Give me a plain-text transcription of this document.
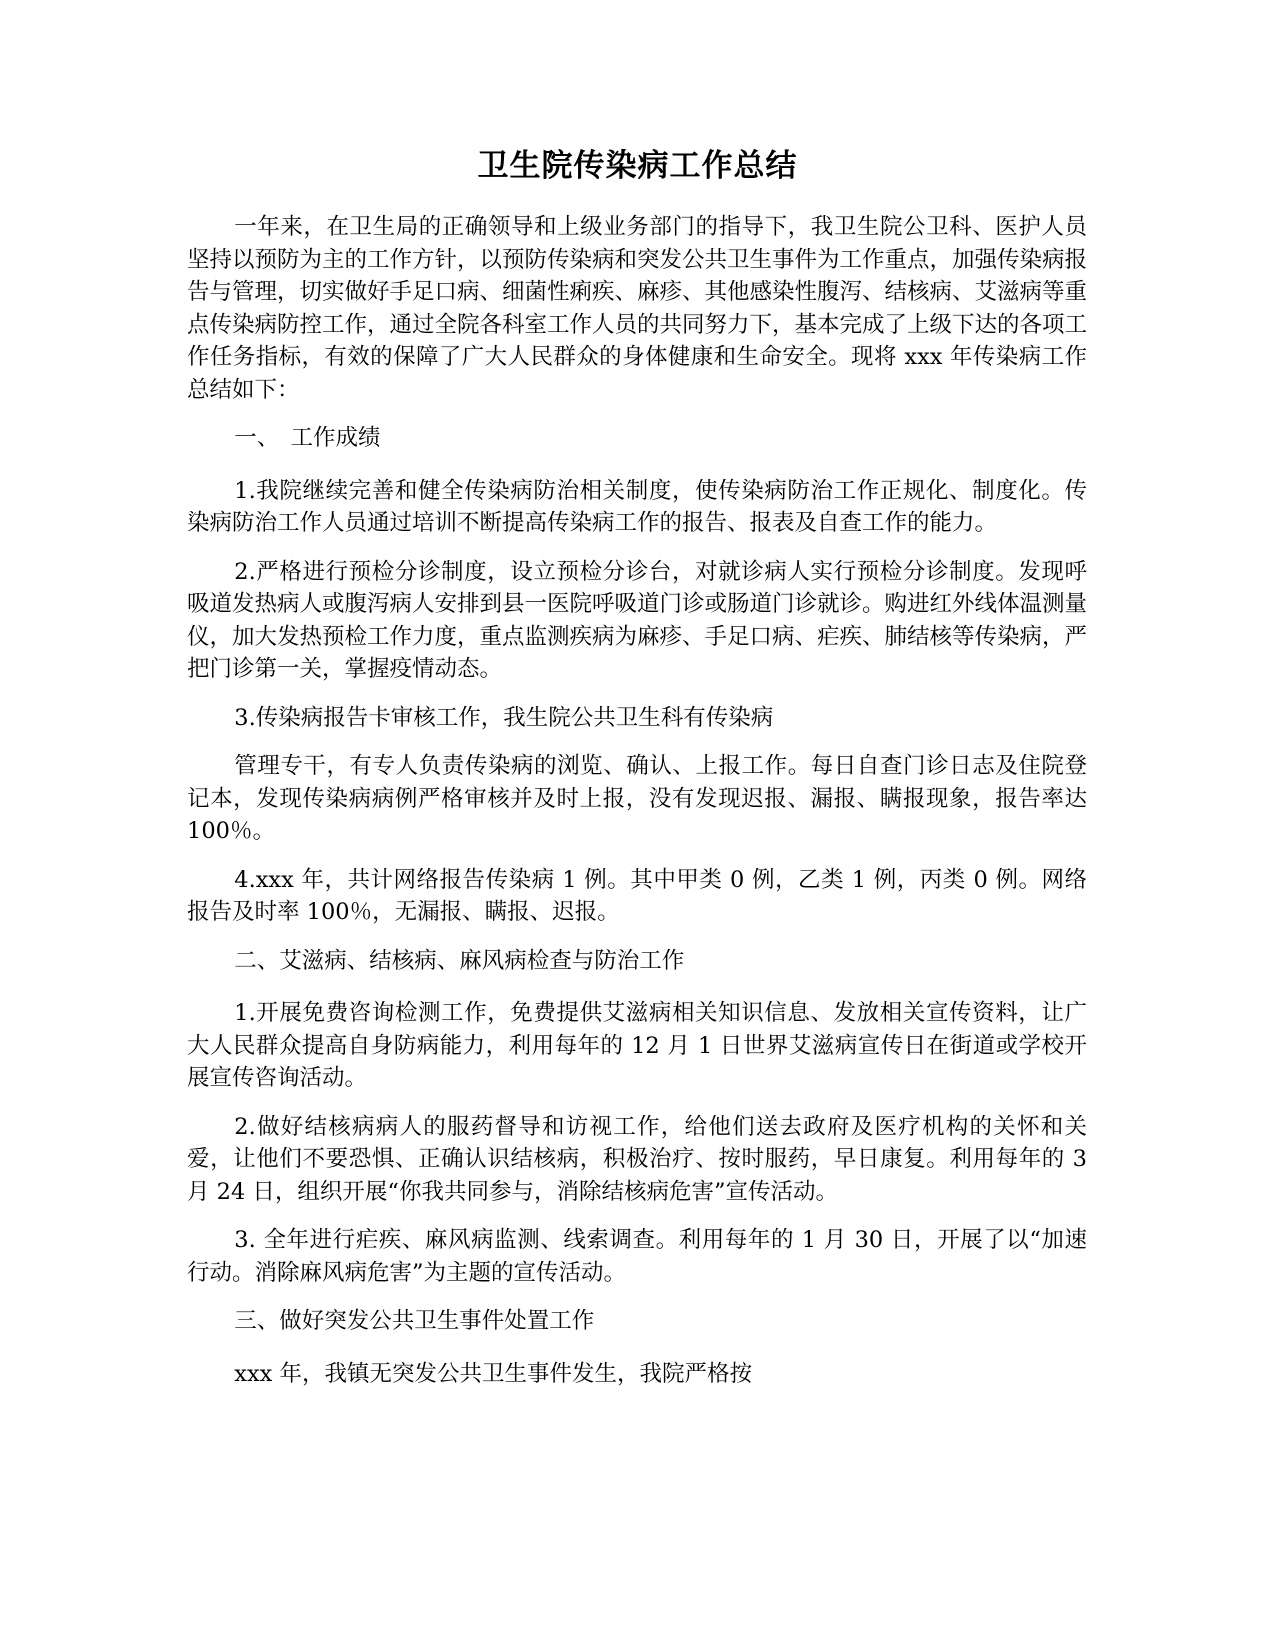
卫生院传染病工作总结

一年来，在卫生局的正确领导和上级业务部门的指导下，我卫生院公卫科、医护人员坚持以预防为主的工作方针，以预防传染病和突发公共卫生事件为工作重点，加强传染病报告与管理，切实做好手足口病、细菌性痢疾、麻疹、其他感染性腹泻、结核病、艾滋病等重点传染病防控工作，通过全院各科室工作人员的共同努力下，基本完成了上级下达的各项工作任务指标，有效的保障了广大人民群众的身体健康和生命安全。现将 xxx 年传染病工作总结如下：

一、　工作成绩

1.我院继续完善和健全传染病防治相关制度，使传染病防治工作正规化、制度化。传染病防治工作人员通过培训不断提高传染病工作的报告、报表及自查工作的能力。

2.严格进行预检分诊制度，设立预检分诊台，对就诊病人实行预检分诊制度。发现呼吸道发热病人或腹泻病人安排到县一医院呼吸道门诊或肠道门诊就诊。购进红外线体温测量仪，加大发热预检工作力度，重点监测疾病为麻疹、手足口病、疟疾、肺结核等传染病，严把门诊第一关，掌握疫情动态。

3.传染病报告卡审核工作，我生院公共卫生科有传染病

管理专干，有专人负责传染病的浏览、确认、上报工作。每日自查门诊日志及住院登记本，发现传染病病例严格审核并及时上报，没有发现迟报、漏报、瞒报现象，报告率达 100％。

4.xxx 年，共计网络报告传染病 1 例。其中甲类 0 例，乙类 1 例，丙类 0 例。网络报告及时率 100％，无漏报、瞒报、迟报。

二、艾滋病、结核病、麻风病检查与防治工作

1.开展免费咨询检测工作，免费提供艾滋病相关知识信息、发放相关宣传资料，让广大人民群众提高自身防病能力，利用每年的 12 月 1 日世界艾滋病宣传日在街道或学校开展宣传咨询活动。

2.做好结核病病人的服药督导和访视工作，给他们送去政府及医疗机构的关怀和关爱，让他们不要恐惧、正确认识结核病，积极治疗、按时服药，早日康复。利用每年的 3 月 24 日，组织开展“你我共同参与，消除结核病危害”宣传活动。

3. 全年进行疟疾、麻风病监测、线索调查。利用每年的 1 月 30 日，开展了以“加速行动。消除麻风病危害”为主题的宣传活动。

三、做好突发公共卫生事件处置工作

xxx 年，我镇无突发公共卫生事件发生，我院严格按
